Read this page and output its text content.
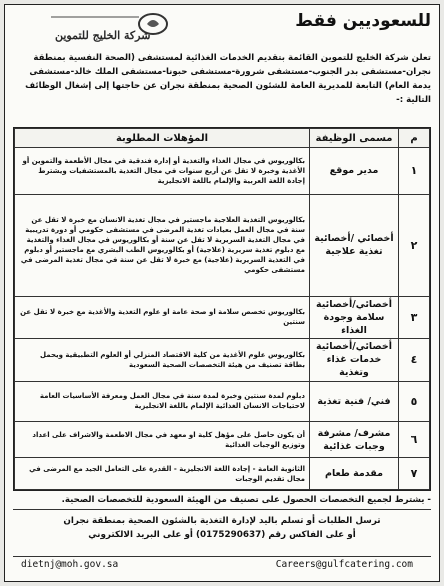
للسعوديين فقط
شركة الخليج للتموين
تعلن شركة الخليج للتموين القائمة بتقديم الخدمات الغذائية لمستشفى (الصحة النفسية بمنطقة نجران-مستشفى بدر الجنوب-مستشفى شرورة-مستشفى حبونا-مستشفى الملك خالد-مستشفى يدمة العام) التابعة للمديرية العامة للشئون الصحية بمنطقة نجران عن حاجتها إلى إشغال الوظائف التالية :-
م	مسمى الوظيفة	المؤهلات المطلوبة
١	مدير موقع	بكالوريوس في مجال الغذاء والتغذية أو إدارة فندقية في مجال الأطعمة والتموين أو الأغذية وخبرة لا تقل عن أربع سنوات في مجال التغذية بالمستشفيات ويشترط إجادة اللغة العربية والإلمام باللغة الانجليزية
٢	أخصائي /أخصائية تغذية علاجية	بكالوريوس التغذية العلاجية ماجستير في مجال تغذية الانسان مع خبرة لا تقل عن سنة في مجال العمل بعيادات تغذية المرضى في مستشفى حكومي أو دورة تدريبية في مجال التغذية السريرية لا تقل عن سنة أو بكالوريوس في مجال الغذاء والتغذية مع دبلوم تغذية سريرية (علاجية) أو بكالوريوس الطب البشري مع ماجستير أو دبلوم في التغذية السريرية (علاجية) مع خبرة لا تقل عن سنة في مجال تغذية المرضى في مستشفى حكومي
٣	أخصائي/أخصائية سلامة وجودة الغذاء	بكالوريوس تخصص سلامة او صحة عامة او علوم التغذية والأغذية مع خبرة لا تقل عن سنتين
٤	أخصائي/أخصائية خدمات غذاء وتغذية	بكالوريوس علوم الأغذية من كلية الاقتصاد المنزلي أو العلوم التطبيقية ويحمل بطاقة تصنيف من هيئة التخصصات الصحية السعودية
٥	فني/ فنية تغذية	دبلوم لمدة سنتين وخبرة لمدة سنة في مجال العمل ومعرفة الأساسيات العامة لاحتياجات الانسان الغذائية الإلمام باللغة الانجليزية
٦	مشرف/ مشرفة وجبات غذائية	أن يكون حاصل على مؤهل كلية او معهد في مجال الاطعمة والاشراف على اعداد وتوزيع الوجبات الغذائية
٧	مقدمة طعام	الثانوية العامة - إجادة اللغة الانجليزية - القدرة على التعامل الجيد مع المرضى في مجال تقديم الوجبات
- يشترط لجميع التخصصات الحصول على تصنيف من الهيئة السعودية للتخصصات الصحية.
ترسل الطلبات أو تسلم باليد لإدارة التغذية بالشئون الصحية بمنطقة نجران
أو على الفاكس رقم (0175290637) أو على البريد الالكتروني
dietnj@moh.gov.sa	Careers@gulfcatering.com
